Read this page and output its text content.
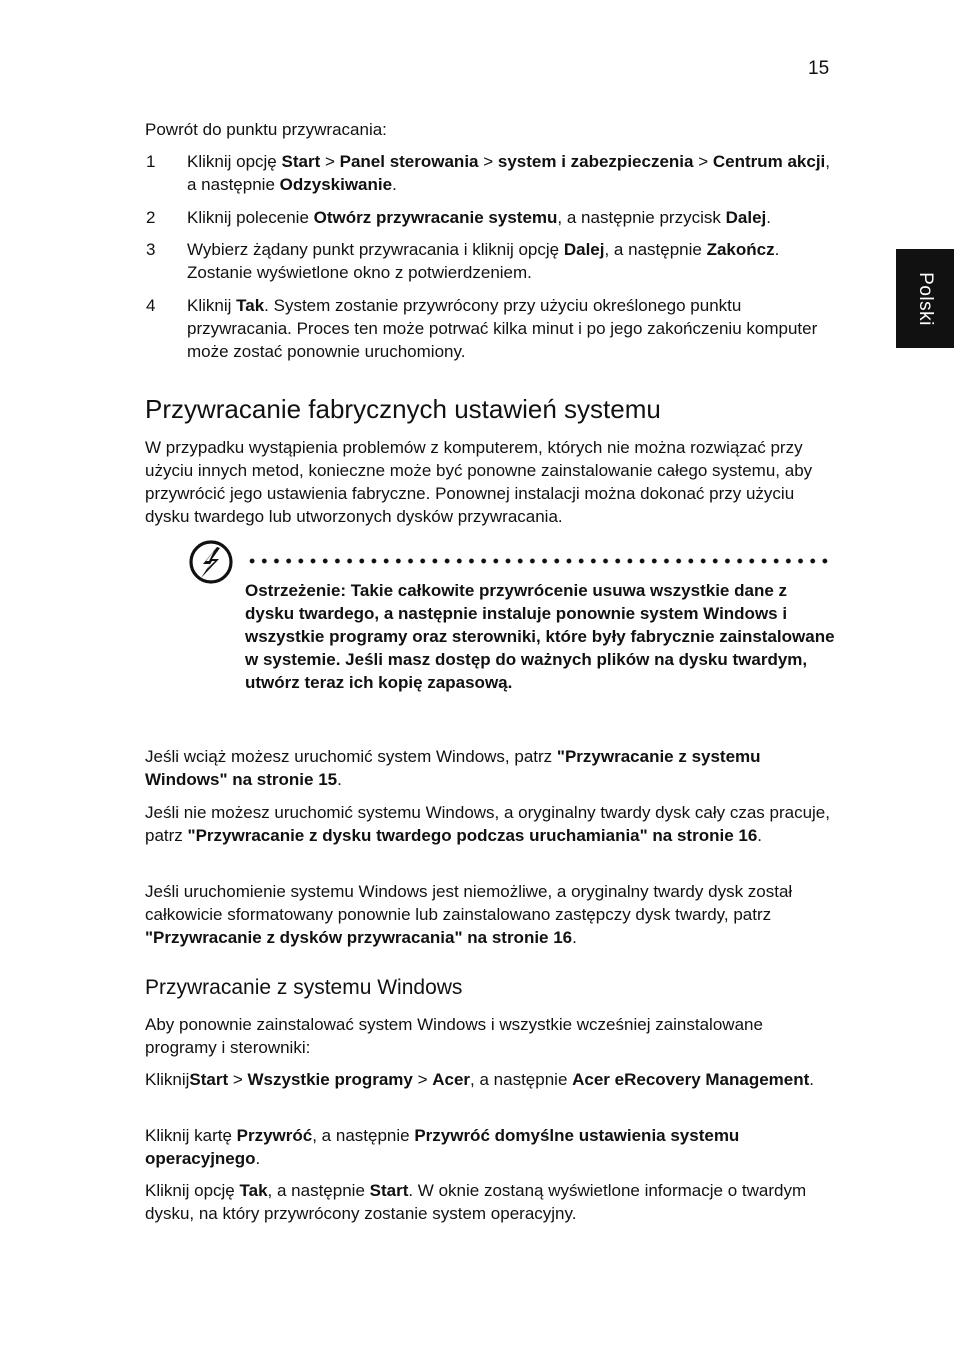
15
Polski
Powrót do punktu przywracania:
1 Kliknij opcję Start > Panel sterowania > system i zabezpieczenia > Centrum akcji, a następnie Odzyskiwanie.
2 Kliknij polecenie Otwórz przywracanie systemu, a następnie przycisk Dalej.
3 Wybierz żądany punkt przywracania i kliknij opcję Dalej, a następnie Zakończ. Zostanie wyświetlone okno z potwierdzeniem.
4 Kliknij Tak. System zostanie przywrócony przy użyciu określonego punktu przywracania. Proces ten może potrwać kilka minut i po jego zakończeniu komputer może zostać ponownie uruchomiony.
Przywracanie fabrycznych ustawień systemu
W przypadku wystąpienia problemów z komputerem, których nie można rozwiązać przy użyciu innych metod, konieczne może być ponowne zainstalowanie całego systemu, aby przywrócić jego ustawienia fabryczne. Ponownej instalacji można dokonać przy użyciu dysku twardego lub utworzonych dysków przywracania.
Ostrzeżenie: Takie całkowite przywrócenie usuwa wszystkie dane z dysku twardego, a następnie instaluje ponownie system Windows i wszystkie programy oraz sterowniki, które były fabrycznie zainstalowane w systemie. Jeśli masz dostęp do ważnych plików na dysku twardym, utwórz teraz ich kopię zapasową.
Jeśli wciąż możesz uruchomić system Windows, patrz "Przywracanie z systemu Windows" na stronie 15.
Jeśli nie możesz uruchomić systemu Windows, a oryginalny twardy dysk cały czas pracuje, patrz "Przywracanie z dysku twardego podczas uruchamiania" na stronie 16.
Jeśli uruchomienie systemu Windows jest niemożliwe, a oryginalny twardy dysk został całkowicie sformatowany ponownie lub zainstalowano zastępczy dysk twardy, patrz "Przywracanie z dysków przywracania" na stronie 16.
Przywracanie z systemu Windows
Aby ponownie zainstalować system Windows i wszystkie wcześniej zainstalowane programy i sterowniki:
KliknijStart > Wszystkie programy > Acer, a następnie Acer eRecovery Management.
Kliknij kartę Przywróć, a następnie Przywróć domyślne ustawienia systemu operacyjnego.
Kliknij opcję Tak, a następnie Start. W oknie zostaną wyświetlone informacje o twardym dysku, na który przywrócony zostanie system operacyjny.
